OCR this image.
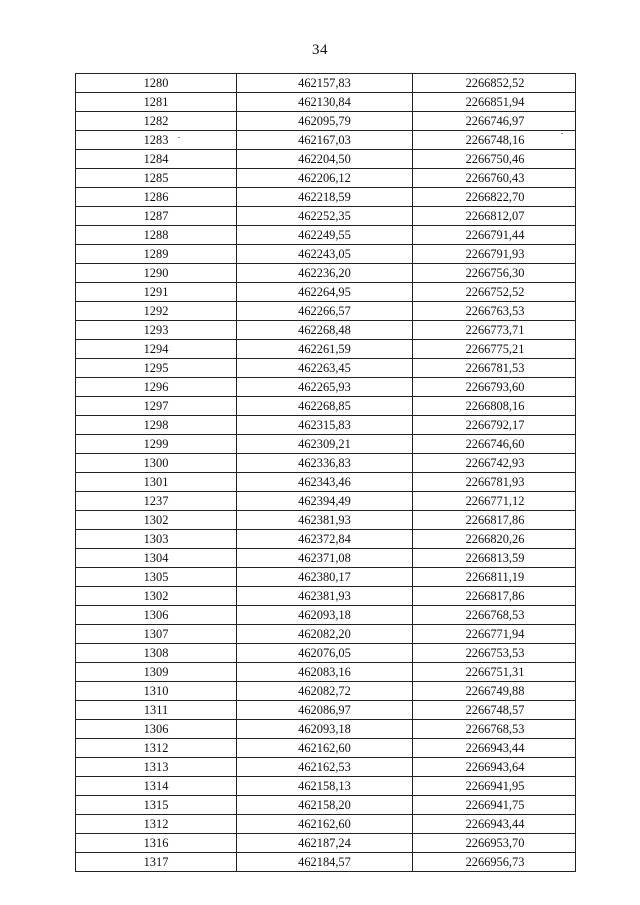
34
1280	462157,83	2266852,52
1281	462130,84	2266851,94
1282	462095,79	2266746,97
1283	462167,03	2266748,16
1284	462204,50	2266750,46
1285	462206,12	2266760,43
1286	462218,59	2266822,70
1287	462252,35	2266812,07
1288	462249,55	2266791,44
1289	462243,05	2266791,93
1290	462236,20	2266756,30
1291	462264,95	2266752,52
1292	462266,57	2266763,53
1293	462268,48	2266773,71
1294	462261,59	2266775,21
1295	462263,45	2266781,53
1296	462265,93	2266793,60
1297	462268,85	2266808,16
1298	462315,83	2266792,17
1299	462309,21	2266746,60
1300	462336,83	2266742,93
1301	462343,46	2266781,93
1237	462394,49	2266771,12
1302	462381,93	2266817,86
1303	462372,84	2266820,26
1304	462371,08	2266813,59
1305	462380,17	2266811,19
1302	462381,93	2266817,86
1306	462093,18	2266768,53
1307	462082,20	2266771,94
1308	462076,05	2266753,53
1309	462083,16	2266751,31
1310	462082,72	2266749,88
1311	462086,97	2266748,57
1306	462093,18	2266768,53
1312	462162,60	2266943,44
1313	462162,53	2266943,64
1314	462158,13	2266941,95
1315	462158,20	2266941,75
1312	462162,60	2266943,44
1316	462187,24	2266953,70
1317	462184,57	2266956,73
